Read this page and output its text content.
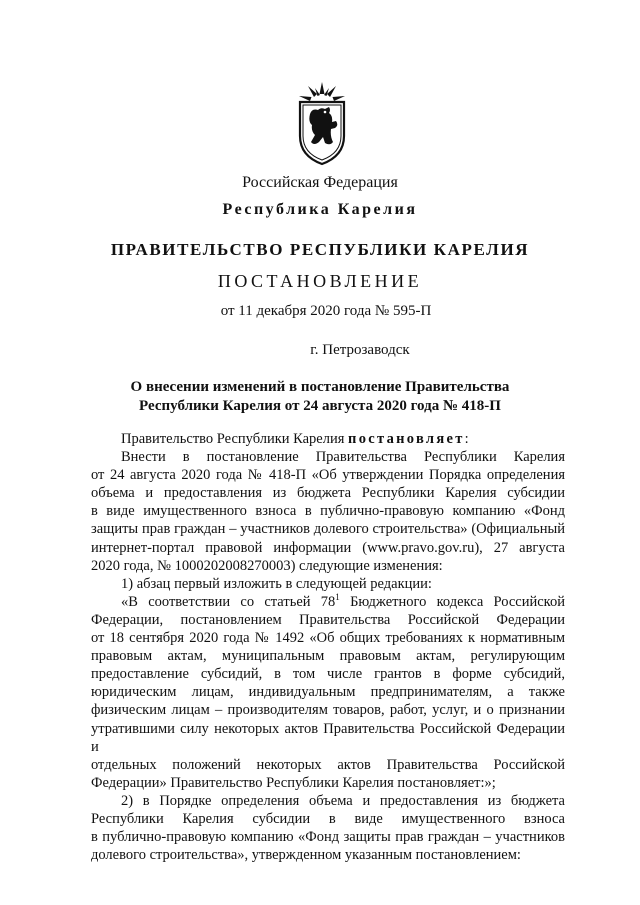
Российская Федерация
Республика Карелия
ПРАВИТЕЛЬСТВО РЕСПУБЛИКИ КАРЕЛИЯ
ПОСТАНОВЛЕНИЕ
от 11 декабря 2020 года № 595-П
г. Петрозаводск
О внесении изменений в постановление Правительства
Республики Карелия от 24 августа 2020 года № 418-П
Правительство Республики Карелия постановляет:
Внести в постановление Правительства Республики Карелия
от 24 августа 2020 года № 418-П «Об утверждении Порядка определения
объема и предоставления из бюджета Республики Карелия субсидии
в виде имущественного взноса в публично-правовую компанию «Фонд
защиты прав граждан – участников долевого строительства» (Официальный
интернет-портал правовой информации (www.pravo.gov.ru), 27 августа
2020 года, № 1000202008270003) следующие изменения:
1) абзац первый изложить в следующей редакции:
«В соответствии со статьей $78^1$ Бюджетного кодекса Российской
Федерации, постановлением Правительства Российской Федерации
от 18 сентября 2020 года № 1492 «Об общих требованиях к нормативным
правовым актам, муниципальным правовым актам, регулирующим
предоставление субсидий, в том числе грантов в форме субсидий,
юридическим лицам, индивидуальным предпринимателям, а также
физическим лицам – производителям товаров, работ, услуг, и о признании
утратившими силу некоторых актов Правительства Российской Федерации и
отдельных положений некоторых актов Правительства Российской
Федерации» Правительство Республики Карелия постановляет:»;
2) в Порядке определения объема и предоставления из бюджета
Республики Карелия субсидии в виде имущественного взноса
в публично-правовую компанию «Фонд защиты прав граждан – участников
долевого строительства», утвержденном указанным постановлением:
